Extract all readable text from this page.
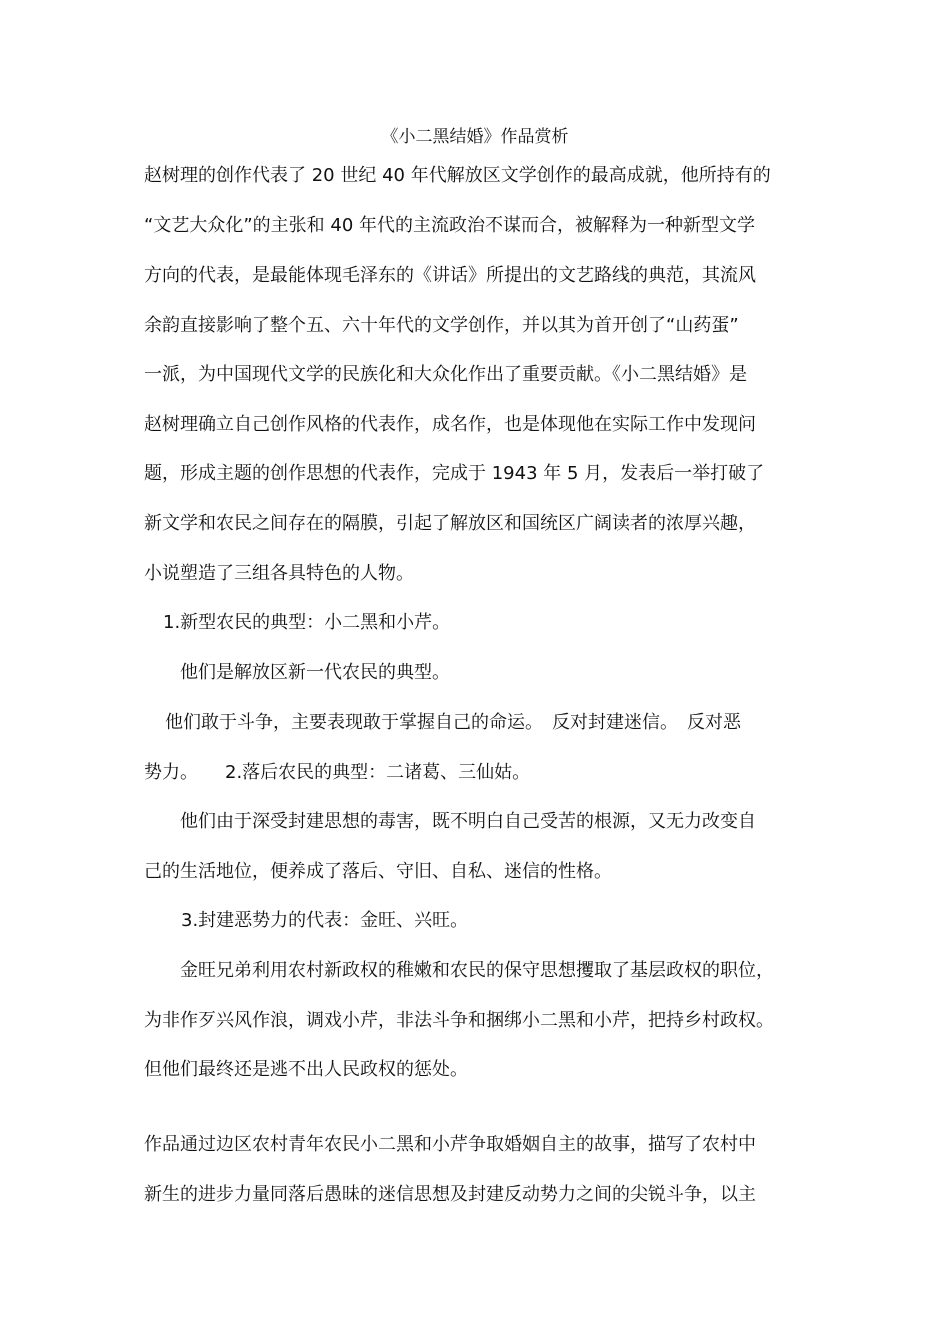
《小二黑结婚》作品赏析
赵树理的创作代表了 20 世纪 40 年代解放区文学创作的最高成就，他所持有的
“文艺大众化”的主张和 40 年代的主流政治不谋而合，被解释为一种新型文学
方向的代表，是最能体现毛泽东的《讲话》所提出的文艺路线的典范，其流风
余韵直接影响了整个五、六十年代的文学创作，并以其为首开创了“山药蛋”
一派，为中国现代文学的民族化和大众化作出了重要贡献。《小二黑结婚》是
赵树理确立自己创作风格的代表作，成名作，也是体现他在实际工作中发现问
题，形成主题的创作思想的代表作，完成于 1943 年 5 月，发表后一举打破了
新文学和农民之间存在的隔膜，引起了解放区和国统区广阔读者的浓厚兴趣，
小说塑造了三组各具特色的人物。
1.新型农民的典型：小二黑和小芹。
他们是解放区新一代农民的典型。
他们敢于斗争，主要表现敢于掌握自己的命运。　反对封建迷信。　反对恶
势力。　　2.落后农民的典型：二诸葛、三仙姑。
他们由于深受封建思想的毒害，既不明白自己受苦的根源，又无力改变自
己的生活地位，便养成了落后、守旧、自私、迷信的性格。
3.封建恶势力的代表：金旺、兴旺。
金旺兄弟利用农村新政权的稚嫩和农民的保守思想攫取了基层政权的职位，
为非作歹兴风作浪，调戏小芹，非法斗争和捆绑小二黑和小芹，把持乡村政权。
但他们最终还是逃不出人民政权的惩处。
作品通过边区农村青年农民小二黑和小芹争取婚姻自主的故事，描写了农村中
新生的进步力量同落后愚昧的迷信思想及封建反动势力之间的尖锐斗争，以主
